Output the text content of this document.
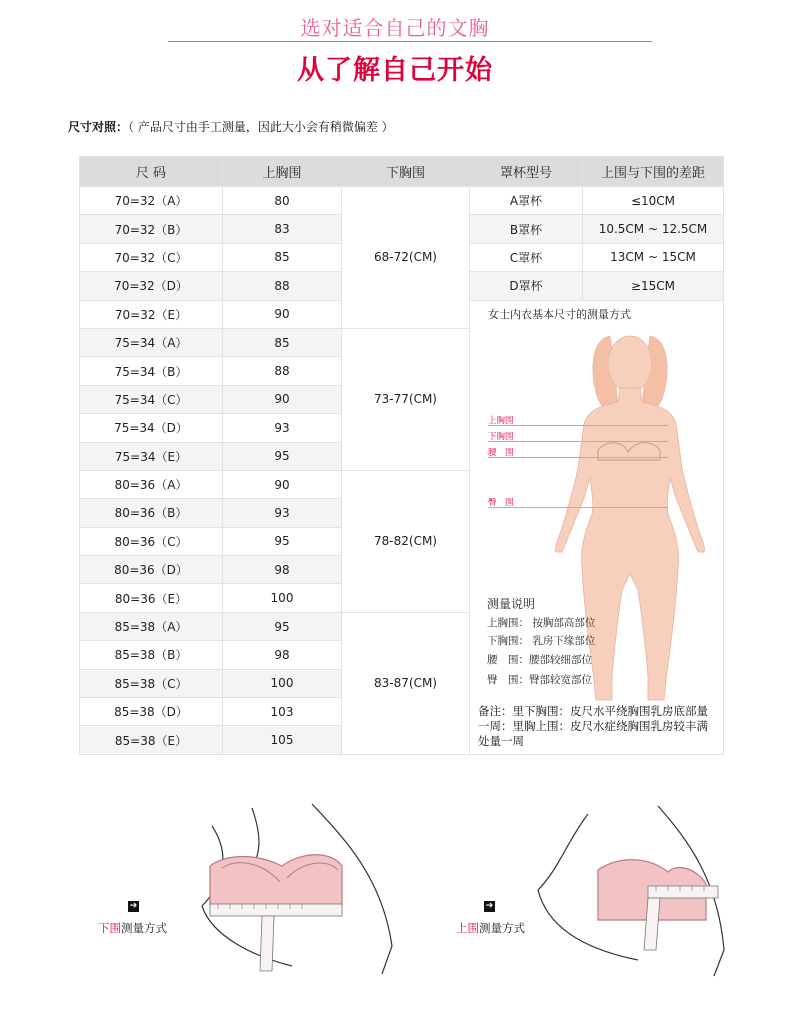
选对适合自己的文胸
从了解自己开始
尺寸对照：（ 产品尺寸由手工测量，因此大小会有稍微偏差 ）
尺 码	上胸围	下胸围	罩杯型号	上围与下围的差距
70=32（A）	80	68-72(CM)	A罩杯	≤10CM
70=32（B）	83		B罩杯	10.5CM ~ 12.5CM
70=32（C）	85		C罩杯	13CM ~ 15CM
70=32（D）	88		D罩杯	≥15CM
70=32（E）	90			
75=34（A）	85	73-77(CM)		
75=34（B）	88			
75=34（C）	90			
75=34（D）	93			
75=34（E）	95			
80=36（A）	90	78-82(CM)		
80=36（B）	93			
80=36（C）	95			
80=36（D）	98			
80=36（E）	100			
85=38（A）	95	83-87(CM)		
85=38（B）	98			
85=38（C）	100			
85=38（D）	103			
85=38（E）	105			
女士内衣基本尺寸的测量方式
上胸围
下胸围
腰　围
臀　围
测量说明
上胸围： 按胸部高部位
下胸围： 乳房下缘部位
腰　围：腰部较细部位
臀　围：臀部较宽部位
备注：里下胸围：皮尺水平绕胸围乳房底部量一周：里胸上围：皮尺水症绕胸围乳房较丰满处量一周
➔
下围测量方式
➔
上围测量方式
